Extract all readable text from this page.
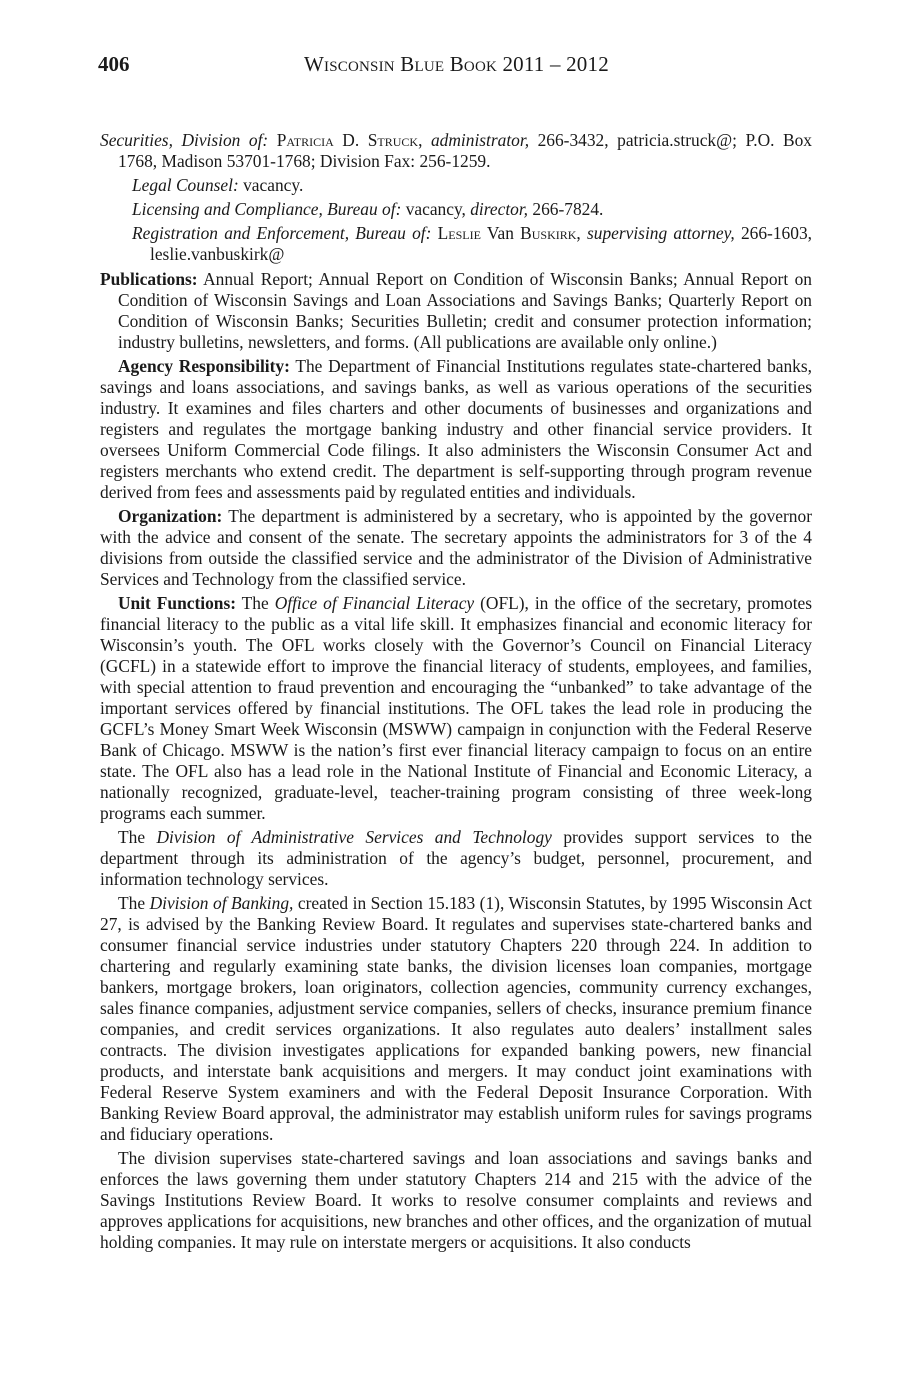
406	Wisconsin Blue Book 2011 – 2012

Securities, Division of: Patricia D. Struck, administrator, 266-3432, patricia.struck@; P.O. Box 1768, Madison 53701-1768; Division Fax: 256-1259.

Legal Counsel: vacancy.

Licensing and Compliance, Bureau of: vacancy, director, 266-7824.

Registration and Enforcement, Bureau of: Leslie Van Buskirk, supervising attorney, 266-1603, leslie.vanbuskirk@

Publications: Annual Report; Annual Report on Condition of Wisconsin Banks; Annual Report on Condition of Wisconsin Savings and Loan Associations and Savings Banks; Quarterly Report on Condition of Wisconsin Banks; Securities Bulletin; credit and consumer protection information; industry bulletins, newsletters, and forms. (All publications are available only online.)

Agency Responsibility: The Department of Financial Institutions regulates state-chartered banks, savings and loans associations, and savings banks, as well as various operations of the securities industry. It examines and files charters and other documents of businesses and organizations and registers and regulates the mortgage banking industry and other financial service providers. It oversees Uniform Commercial Code filings. It also administers the Wisconsin Consumer Act and registers merchants who extend credit. The department is self-supporting through program revenue derived from fees and assessments paid by regulated entities and individuals.

Organization: The department is administered by a secretary, who is appointed by the governor with the advice and consent of the senate. The secretary appoints the administrators for 3 of the 4 divisions from outside the classified service and the administrator of the Division of Administrative Services and Technology from the classified service.

Unit Functions: The Office of Financial Literacy (OFL), in the office of the secretary, promotes financial literacy to the public as a vital life skill. It emphasizes financial and economic literacy for Wisconsin’s youth. The OFL works closely with the Governor’s Council on Financial Literacy (GCFL) in a statewide effort to improve the financial literacy of students, employees, and families, with special attention to fraud prevention and encouraging the “unbanked” to take advantage of the important services offered by financial institutions. The OFL takes the lead role in producing the GCFL’s Money Smart Week Wisconsin (MSWW) campaign in conjunction with the Federal Reserve Bank of Chicago. MSWW is the nation’s first ever financial literacy campaign to focus on an entire state. The OFL also has a lead role in the National Institute of Financial and Economic Literacy, a nationally recognized, graduate-level, teacher-training program consisting of three week-long programs each summer.

The Division of Administrative Services and Technology provides support services to the department through its administration of the agency’s budget, personnel, procurement, and information technology services.

The Division of Banking, created in Section 15.183 (1), Wisconsin Statutes, by 1995 Wisconsin Act 27, is advised by the Banking Review Board. It regulates and supervises state-chartered banks and consumer financial service industries under statutory Chapters 220 through 224. In addition to chartering and regularly examining state banks, the division licenses loan companies, mortgage bankers, mortgage brokers, loan originators, collection agencies, community currency exchanges, sales finance companies, adjustment service companies, sellers of checks, insurance premium finance companies, and credit services organizations. It also regulates auto dealers’ installment sales contracts. The division investigates applications for expanded banking powers, new financial products, and interstate bank acquisitions and mergers. It may conduct joint examinations with Federal Reserve System examiners and with the Federal Deposit Insurance Corporation. With Banking Review Board approval, the administrator may establish uniform rules for savings programs and fiduciary operations.

The division supervises state-chartered savings and loan associations and savings banks and enforces the laws governing them under statutory Chapters 214 and 215 with the advice of the Savings Institutions Review Board. It works to resolve consumer complaints and reviews and approves applications for acquisitions, new branches and other offices, and the organization of mutual holding companies. It may rule on interstate mergers or acquisitions. It also conducts
